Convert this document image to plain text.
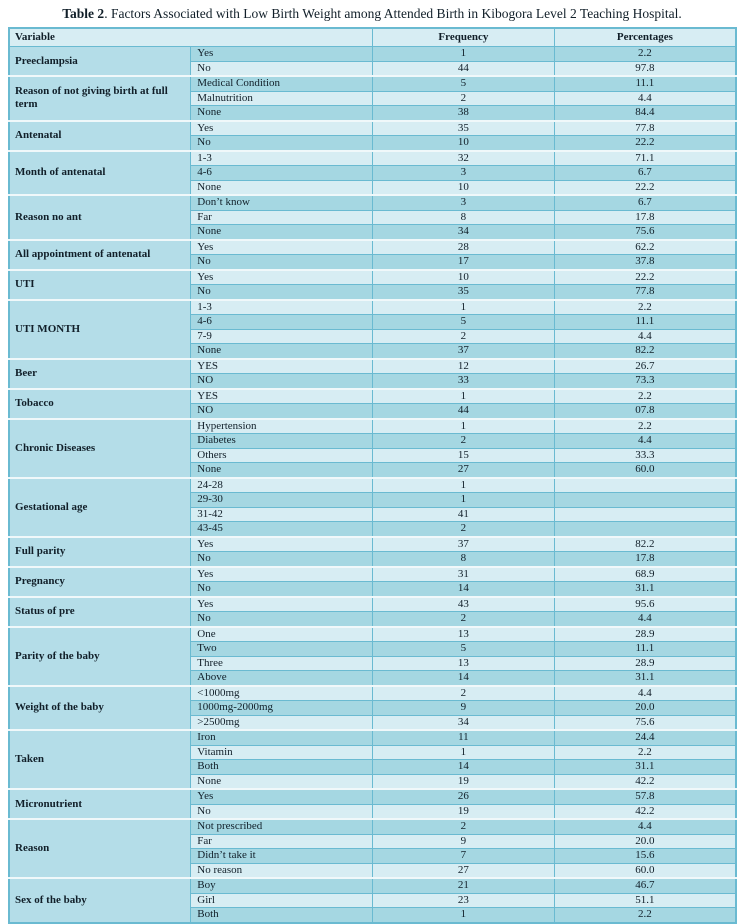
Table 2. Factors Associated with Low Birth Weight among Attended Birth in Kibogora Level 2 Teaching Hospital.
Variable		Frequency	Percentages
Preeclampsia	Yes	1	2.2
	No	44	97.8
Reason of not giving birth at full term	Medical Condition	5	11.1
	Malnutrition	2	4.4
	None	38	84.4
Antenatal	Yes	35	77.8
	No	10	22.2
Month of antenatal	1-3	32	71.1
	4-6	3	6.7
	None	10	22.2
Reason no ant	Don’t know	3	6.7
	Far	8	17.8
	None	34	75.6
All appointment of antenatal	Yes	28	62.2
	No	17	37.8
UTI	Yes	10	22.2
	No	35	77.8
UTI MONTH	1-3	1	2.2
	4-6	5	11.1
	7-9	2	4.4
	None	37	82.2
Beer	YES	12	26.7
	NO	33	73.3
Tobacco	YES	1	2.2
	NO	44	07.8
Chronic Diseases	Hypertension	1	2.2
	Diabetes	2	4.4
	Others	15	33.3
	None	27	60.0
Gestational age	24-28	1	
	29-30	1	
	31-42	41	
	43-45	2	
Full parity	Yes	37	82.2
	No	8	17.8
Pregnancy	Yes	31	68.9
	No	14	31.1
Status of pre	Yes	43	95.6
	No	2	4.4
Parity of the baby	One	13	28.9
	Two	5	11.1
	Three	13	28.9
	Above	14	31.1
Weight of the baby	<1000mg	2	4.4
	1000mg-2000mg	9	20.0
	>2500mg	34	75.6
Taken	Iron	11	24.4
	Vitamin	1	2.2
	Both	14	31.1
	None	19	42.2
Micronutrient	Yes	26	57.8
	No	19	42.2
Reason	Not prescribed	2	4.4
	Far	9	20.0
	Didn’t take it	7	15.6
	No reason	27	60.0
Sex of the baby	Boy	21	46.7
	Girl	23	51.1
	Both	1	2.2
